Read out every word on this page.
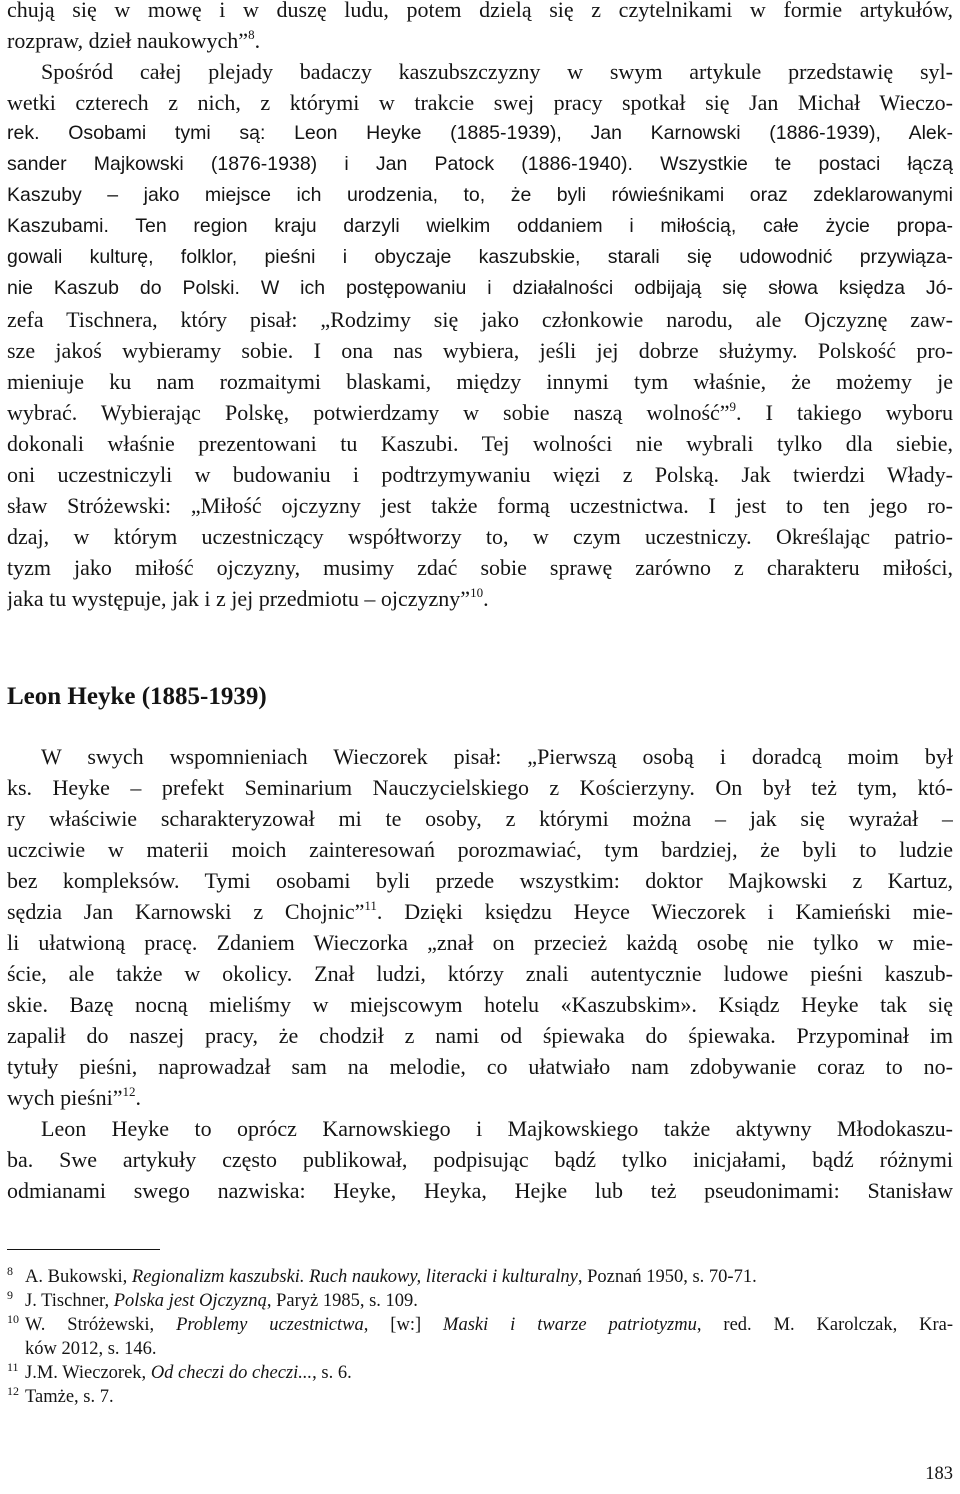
chują się w mowę i w duszę ludu, potem dzielą się z czytelnikami w formie artykułów,
rozpraw, dzieł naukowych”$^8$.
Spośród całej plejady badaczy kaszubszczyzny w swym artykule przedstawię syl-
wetki czterech z nich, z którymi w trakcie swej pracy spotkał się Jan Michał Wieczo-
rek. Osobami tymi są: Leon Heyke (1885-1939), Jan Karnowski (1886-1939), Alek-
sander Majkowski (1876-1938) i Jan Patock (1886-1940). Wszystkie te postaci łączą
Kaszuby – jako miejsce ich urodzenia, to, że byli rówieśnikami oraz zdeklarowanymi
Kaszubami. Ten region kraju darzyli wielkim oddaniem i miłością, całe życie propa-
gowali kulturę, folklor, pieśni i obyczaje kaszubskie, starali się udowodnić przywiąza-
nie Kaszub do Polski. W ich postępowaniu i działalności odbijają się słowa księdza Jó-
zefa Tischnera, który pisał: „Rodzimy się jako członkowie narodu, ale Ojczyznę zaw-
sze jakoś wybieramy sobie. I ona nas wybiera, jeśli jej dobrze służymy. Polskość pro-
mieniuje ku nam rozmaitymi blaskami, między innymi tym właśnie, że możemy je
wybrać. Wybierając Polskę, potwierdzamy w sobie naszą wolność”$^9$. I takiego wyboru
dokonali właśnie prezentowani tu Kaszubi. Tej wolności nie wybrali tylko dla siebie,
oni uczestniczyli w budowaniu i podtrzymywaniu więzi z Polską. Jak twierdzi Włady-
sław Stróżewski: „Miłość ojczyzny jest także formą uczestnictwa. I jest to ten jego ro-
dzaj, w którym uczestniczący współtworzy to, w czym uczestniczy. Określając patrio-
tyzm jako miłość ojczyzny, musimy zdać sobie sprawę zarówno z charakteru miłości,
jaka tu występuje, jak i z jej przedmiotu – ojczyzny”$^{10}$.
Leon Heyke (1885-1939)
W swych wspomnieniach Wieczorek pisał: „Pierwszą osobą i doradcą moim był
ks. Heyke – prefekt Seminarium Nauczycielskiego z Kościerzyny. On był też tym, któ-
ry właściwie scharakteryzował mi te osoby, z którymi można – jak się wyrażał –
uczciwie w materii moich zainteresowań porozmawiać, tym bardziej, że byli to ludzie
bez kompleksów. Tymi osobami byli przede wszystkim: doktor Majkowski z Kartuz,
sędzia Jan Karnowski z Chojnic”$^{11}$. Dzięki księdzu Heyce Wieczorek i Kamieński mie-
li ułatwioną pracę. Zdaniem Wieczorka „znał on przecież każdą osobę nie tylko w mie-
ście, ale także w okolicy. Znał ludzi, którzy znali autentycznie ludowe pieśni kaszub-
skie. Bazę nocną mieliśmy w miejscowym hotelu «Kaszubskim». Ksiądz Heyke tak się
zapalił do naszej pracy, że chodził z nami od śpiewaka do śpiewaka. Przypominał im
tytuły pieśni, naprowadzał sam na melodie, co ułatwiało nam zdobywanie coraz to no-
wych pieśni”$^{12}$.
Leon Heyke to oprócz Karnowskiego i Majkowskiego także aktywny Młodokaszu-
ba. Swe artykuły często publikował, podpisując bądź tylko inicjałami, bądź różnymi
odmianami swego nazwiska: Heyke, Heyka, Hejke lub też pseudonimami: Stanisław
8 A. Bukowski, Regionalizm kaszubski. Ruch naukowy, literacki i kulturalny, Poznań 1950, s. 70-71.
9 J. Tischner, Polska jest Ojczyzną, Paryż 1985, s. 109.
10 W. Stróżewski, Problemy uczestnictwa, [w:] Maski i twarze patriotyzmu, red. M. Karolczak, Kra-
ków 2012, s. 146.
11 J.M. Wieczorek, Od checzi do checzi..., s. 6.
12 Tamże, s. 7.
183
